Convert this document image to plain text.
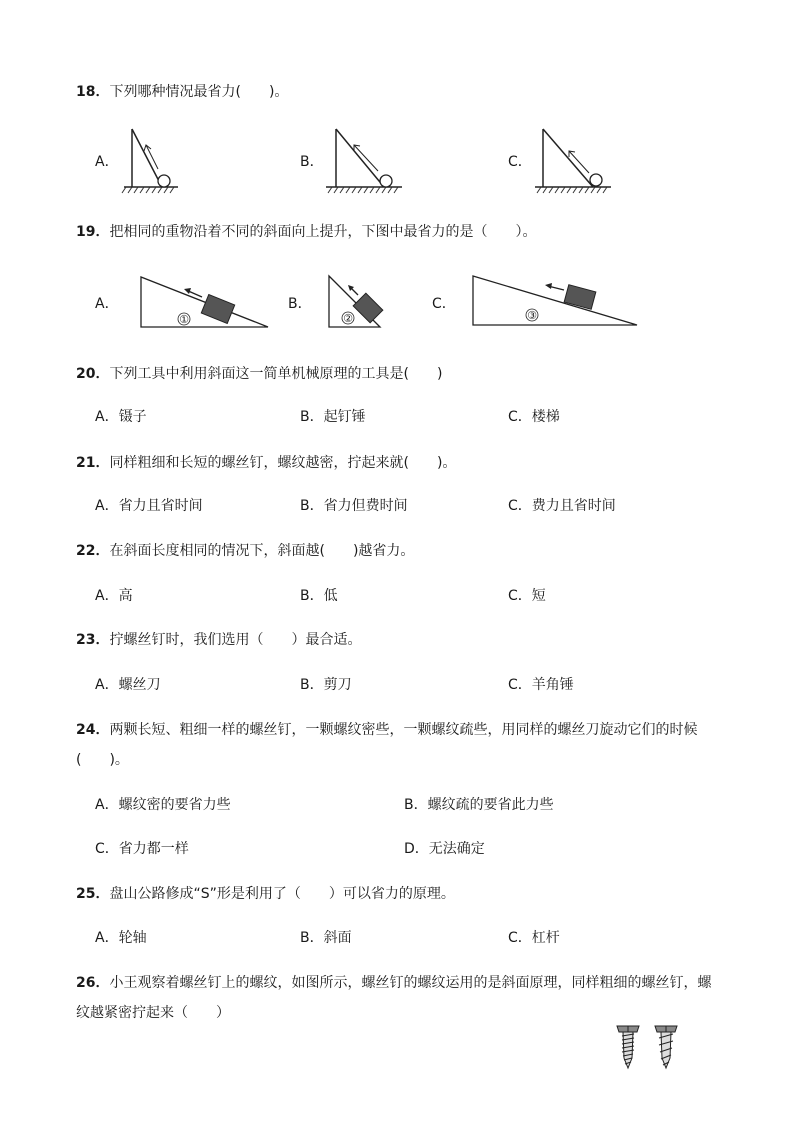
18．下列哪种情况最省力(　　)。
A．	B．	C．
19．把相同的重物沿着不同的斜面向上提升，下图中最省力的是（　　）。
A．	B．	C．
①	②	③
20．下列工具中利用斜面这一简单机械原理的工具是(　　)
A．镊子	B．起钉锤	C．楼梯
21．同样粗细和长短的螺丝钉，螺纹越密，拧起来就(　　)。
A．省力且省时间	B．省力但费时间	C．费力且省时间
22．在斜面长度相同的情况下，斜面越(　　)越省力。
A．高	B．低	C．短
23．拧螺丝钉时，我们选用（　　）最合适。
A．螺丝刀	B．剪刀	C．羊角锤
24．两颗长短、粗细一样的螺丝钉，一颗螺纹密些，一颗螺纹疏些，用同样的螺丝刀旋动它们的时候(　　)。
A．螺纹密的要省力些	B．螺纹疏的要省此力些
C．省力都一样	D．无法确定
25．盘山公路修成“S”形是利用了（　　）可以省力的原理。
A．轮轴	B．斜面	C．杠杆
26．小王观察着螺丝钉上的螺纹，如图所示，螺丝钉的螺纹运用的是斜面原理，同样粗细的螺丝钉，螺纹越紧密拧起来（　　）
